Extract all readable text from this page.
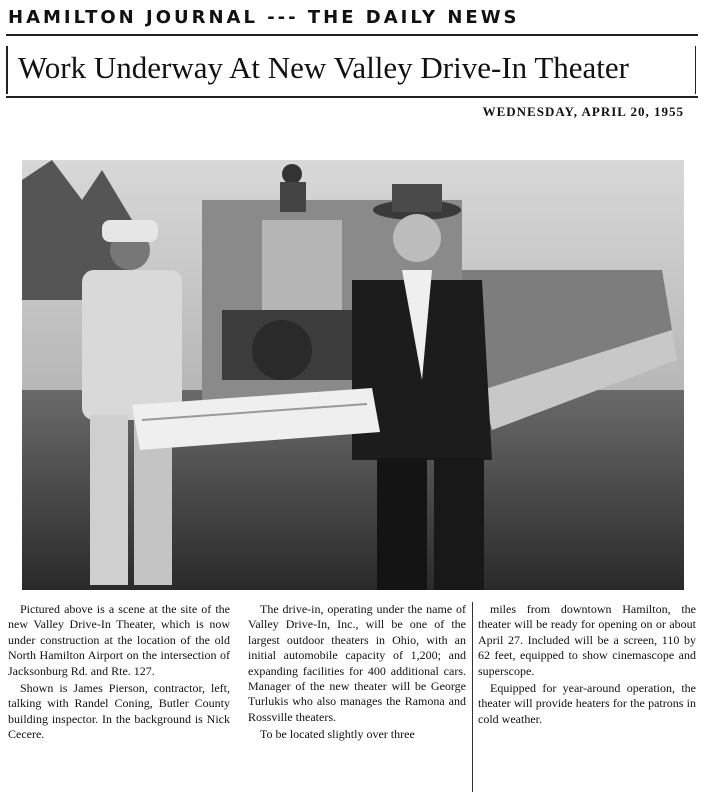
HAMILTON JOURNAL --- THE DAILY NEWS
Work Underway At New Valley Drive-In Theater
WEDNESDAY, APRIL 20, 1955

Pictured above is a scene at the site of the new Valley Drive-In Theater, which is now under construction at the location of the old North Hamilton Airport on the intersection of Jacksonburg Rd. and Rte. 127.

Shown is James Pierson, contractor, left, talking with Randel Coning, Butler County building inspector. In the background is Nick Cecere.

The drive-in, operating under the name of Valley Drive-In, Inc., will be one of the largest outdoor theaters in Ohio, with an initial automobile capacity of 1,200; and expanding facilities for 400 additional cars. Manager of the new theater will be George Turlukis who also manages the Ramona and Rossville theaters.

To be located slightly over three

miles from downtown Hamilton, the theater will be ready for opening on or about April 27. Included will be a screen, 110 by 62 feet, equipped to show cinemascope and superscope.

Equipped for year-around operation, the theater will provide heaters for the patrons in cold weather.
